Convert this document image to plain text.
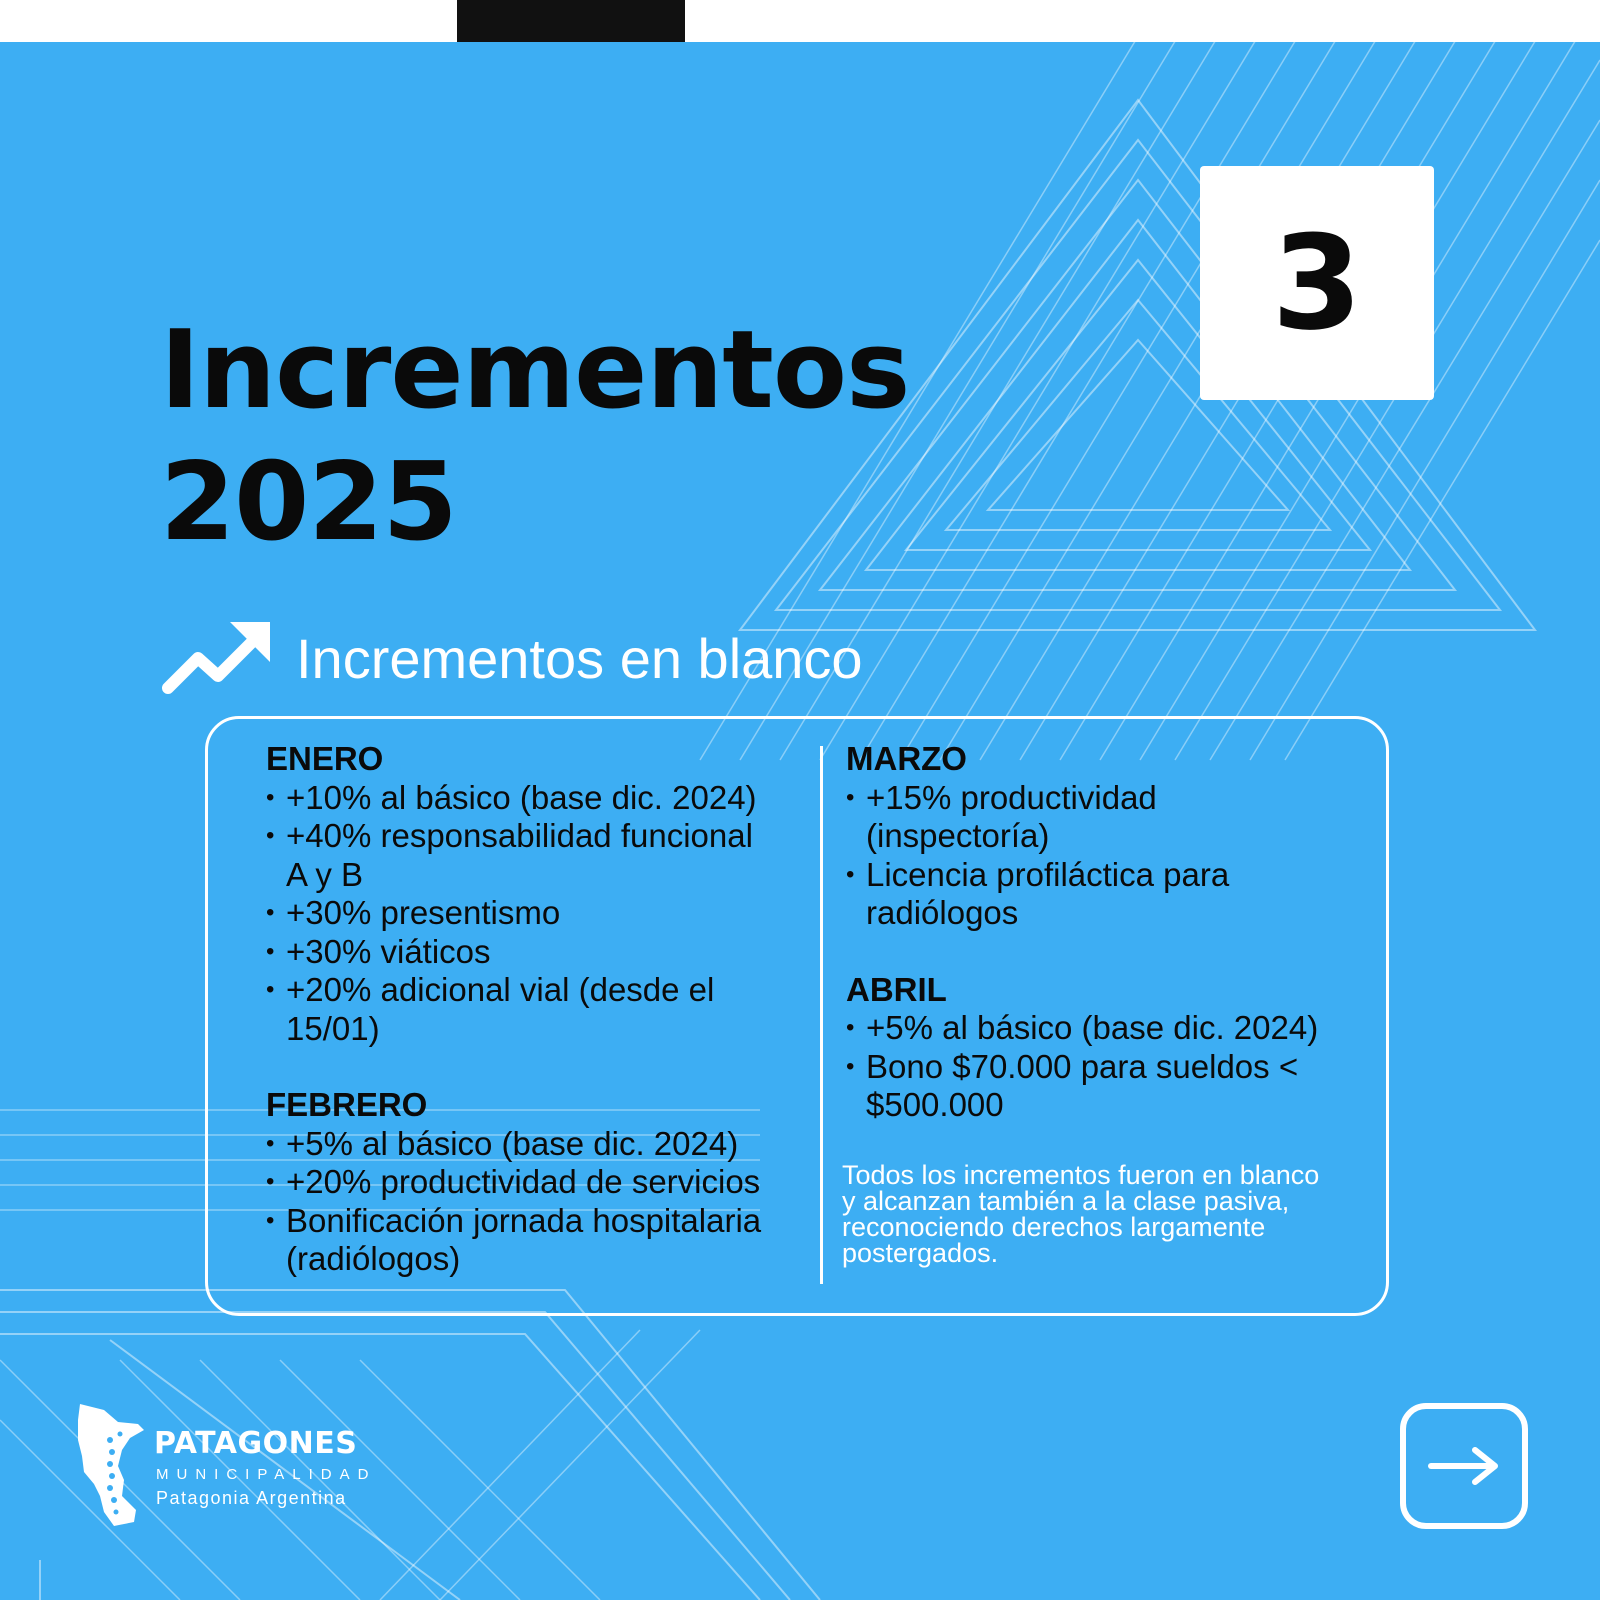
Incrementos
2025
3
Incrementos en blanco
ENERO
• +10% al básico (base dic. 2024)
• +40% responsabilidad funcional
A y B
• +30% presentismo
• +30% viáticos
• +20% adicional vial (desde el
15/01)
FEBRERO
• +5% al básico (base dic. 2024)
• +20% productividad de servicios
• Bonificación jornada hospitalaria
(radiólogos)
MARZO
• +15% productividad
(inspectoría)
• Licencia profiláctica para
radiólogos
ABRIL
• +5% al básico (base dic. 2024)
• Bono $70.000 para sueldos <
$500.000
Todos los incrementos fueron en blanco
y alcanzan también a la clase pasiva,
reconociendo derechos largamente
postergados.
PATAGONES
MUNICIPALIDAD
Patagonia Argentina
